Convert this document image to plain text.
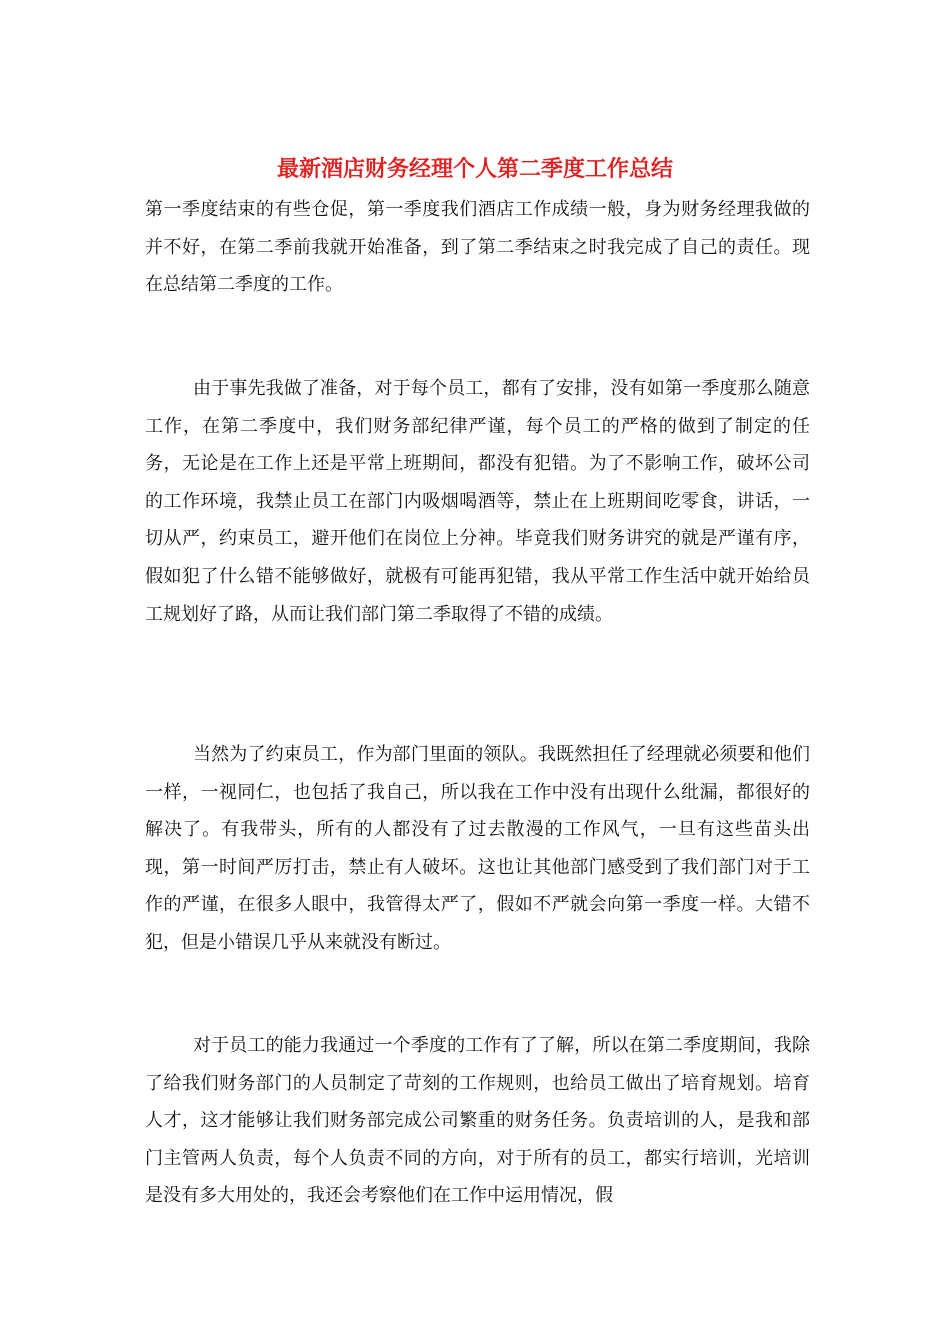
最新酒店财务经理个人第二季度工作总结

第一季度结束的有些仓促，第一季度我们酒店工作成绩一般，身为财务经理我做的并不好，在第二季前我就开始准备，到了第二季结束之时我完成了自己的责任。现在总结第二季度的工作。

由于事先我做了准备，对于每个员工，都有了安排，没有如第一季度那么随意工作，在第二季度中，我们财务部纪律严谨，每个员工的严格的做到了制定的任务，无论是在工作上还是平常上班期间，都没有犯错。为了不影响工作，破坏公司的工作环境，我禁止员工在部门内吸烟喝酒等，禁止在上班期间吃零食，讲话，一切从严，约束员工，避开他们在岗位上分神。毕竟我们财务讲究的就是严谨有序，假如犯了什么错不能够做好，就极有可能再犯错，我从平常工作生活中就开始给员工规划好了路，从而让我们部门第二季取得了不错的成绩。

当然为了约束员工，作为部门里面的领队。我既然担任了经理就必须要和他们一样，一视同仁，也包括了我自己，所以我在工作中没有出现什么纰漏，都很好的解决了。有我带头，所有的人都没有了过去散漫的工作风气，一旦有这些苗头出现，第一时间严厉打击，禁止有人破坏。这也让其他部门感受到了我们部门对于工作的严谨，在很多人眼中，我管得太严了，假如不严就会向第一季度一样。大错不犯，但是小错误几乎从来就没有断过。

对于员工的能力我通过一个季度的工作有了了解，所以在第二季度期间，我除了给我们财务部门的人员制定了苛刻的工作规则，也给员工做出了培育规划。培育人才，这才能够让我们财务部完成公司繁重的财务任务。负责培训的人，是我和部门主管两人负责，每个人负责不同的方向，对于所有的员工，都实行培训，光培训是没有多大用处的，我还会考察他们在工作中运用情况，假
